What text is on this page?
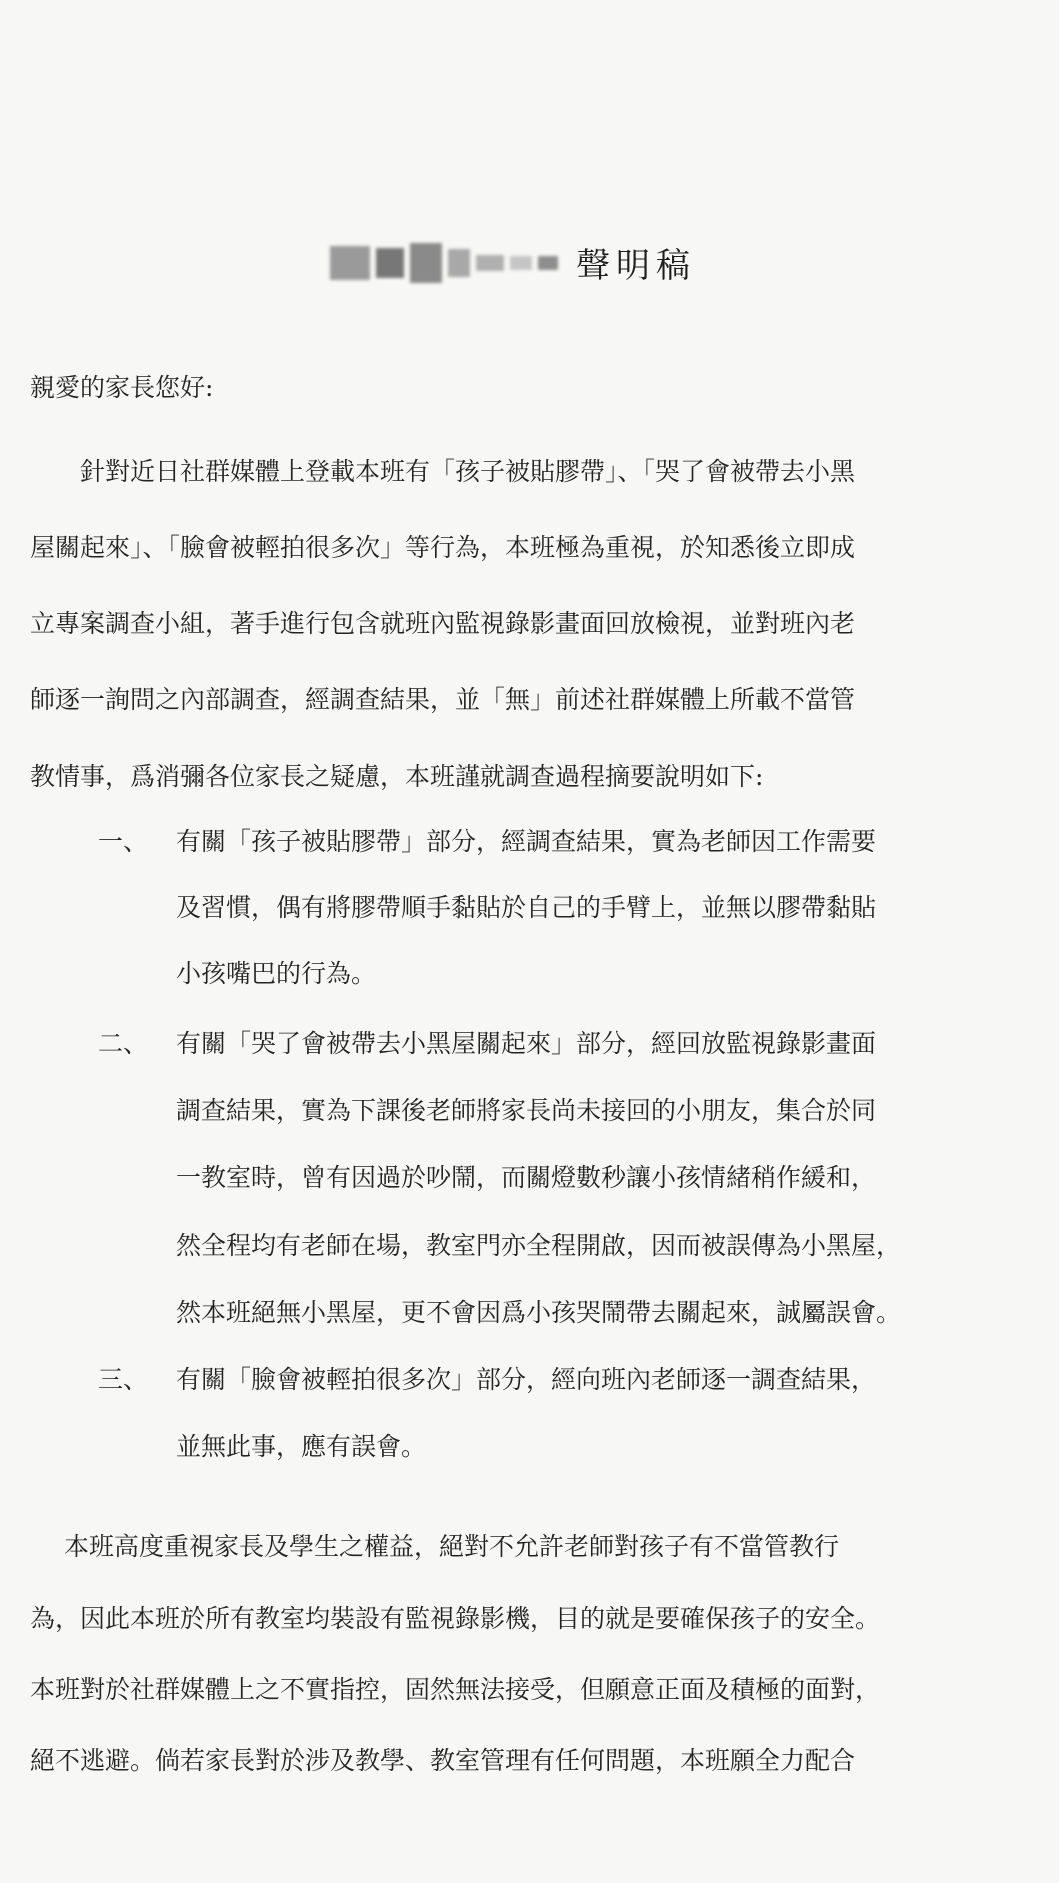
聲明稿
親愛的家長您好:
針對近日社群媒體上登載本班有「孩子被貼膠帶」、「哭了會被帶去小黑
屋關起來」、「臉會被輕拍很多次」等行為，本班極為重視，於知悉後立即成
立專案調查小組，著手進行包含就班內監視錄影畫面回放檢視，並對班內老
師逐一詢問之內部調查，經調查結果，並「無」前述社群媒體上所載不當管
教情事，爲消彌各位家長之疑慮，本班謹就調查過程摘要說明如下:
一、 有關「孩子被貼膠帶」部分，經調查結果，實為老師因工作需要
及習慣，偶有將膠帶順手黏貼於自己的手臂上，並無以膠帶黏貼
小孩嘴巴的行為。
二、 有關「哭了會被帶去小黑屋關起來」部分，經回放監視錄影畫面
調查結果，實為下課後老師將家長尚未接回的小朋友，集合於同
一教室時，曾有因過於吵鬧，而關燈數秒讓小孩情緒稍作緩和，
然全程均有老師在場，教室門亦全程開啟，因而被誤傳為小黑屋，
然本班絕無小黑屋，更不會因爲小孩哭鬧帶去關起來，誠屬誤會。
三、 有關「臉會被輕拍很多次」部分，經向班內老師逐一調查結果，
並無此事，應有誤會。
本班高度重視家長及學生之權益，絕對不允許老師對孩子有不當管教行
為，因此本班於所有教室均裝設有監視錄影機，目的就是要確保孩子的安全。
本班對於社群媒體上之不實指控，固然無法接受，但願意正面及積極的面對，
絕不逃避。倘若家長對於涉及教學、教室管理有任何問題，本班願全力配合
